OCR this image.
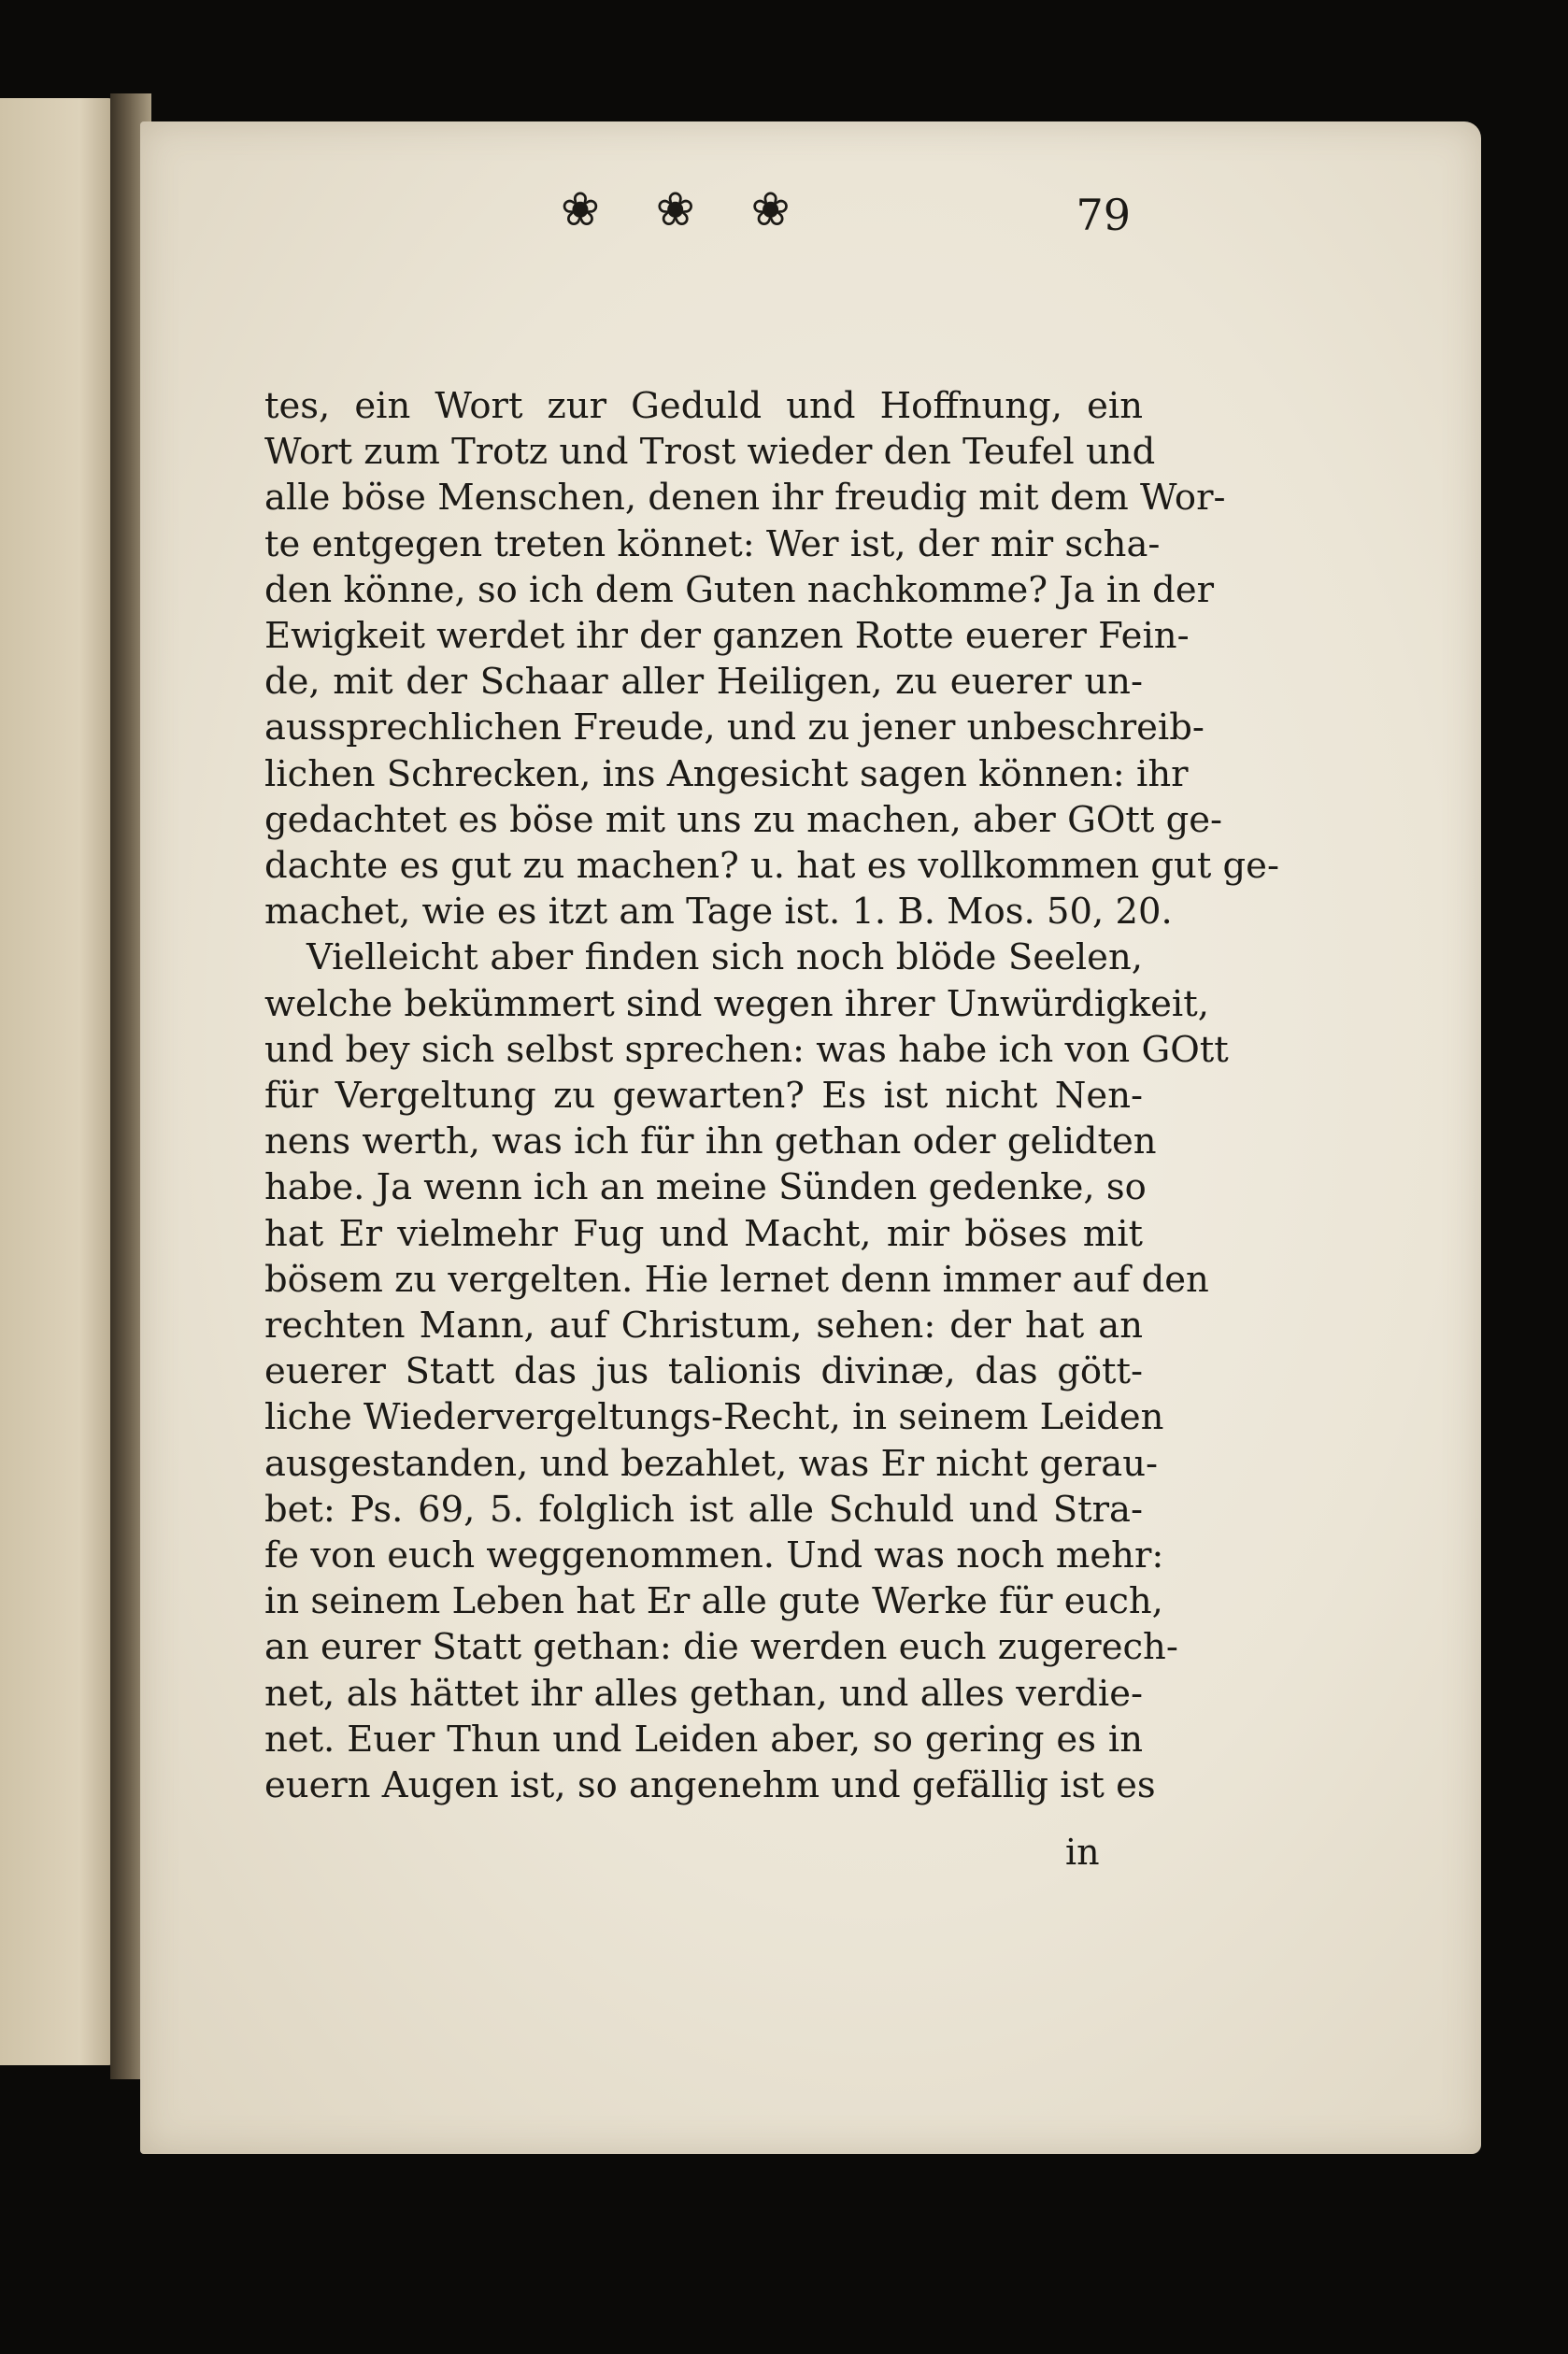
❀ ❀ ❀	79
tes, ein Wort zur Geduld und Hoffnung, ein
Wort zum Trotz und Trost wieder den Teufel und
alle böse Menschen, denen ihr freudig mit dem Wor-
te entgegen treten könnet: Wer ist, der mir scha-
den könne, so ich dem Guten nachkomme? Ja in der
Ewigkeit werdet ihr der ganzen Rotte euerer Fein-
de, mit der Schaar aller Heiligen, zu euerer un-
aussprechlichen Freude, und zu jener unbeschreib-
lichen Schrecken, ins Angesicht sagen können: ihr
gedachtet es böse mit uns zu machen, aber GOtt ge-
dachte es gut zu machen? u. hat es vollkommen gut ge-
machet, wie es itzt am Tage ist. 1. B. Mos. 50, 20.
Vielleicht aber finden sich noch blöde Seelen,
welche bekümmert sind wegen ihrer Unwürdigkeit,
und bey sich selbst sprechen: was habe ich von GOtt
für Vergeltung zu gewarten? Es ist nicht Nen-
nens werth, was ich für ihn gethan oder gelidten
habe. Ja wenn ich an meine Sünden gedenke, so
hat Er vielmehr Fug und Macht, mir böses mit
bösem zu vergelten. Hie lernet denn immer auf den
rechten Mann, auf Christum, sehen: der hat an
euerer Statt das jus talionis divinæ, das gött-
liche Wiedervergeltungs-Recht, in seinem Leiden
ausgestanden, und bezahlet, was Er nicht gerau-
bet: Ps. 69, 5. folglich ist alle Schuld und Stra-
fe von euch weggenommen. Und was noch mehr:
in seinem Leben hat Er alle gute Werke für euch,
an eurer Statt gethan: die werden euch zugerech-
net, als hättet ihr alles gethan, und alles verdie-
net. Euer Thun und Leiden aber, so gering es in
euern Augen ist, so angenehm und gefällig ist es
in
